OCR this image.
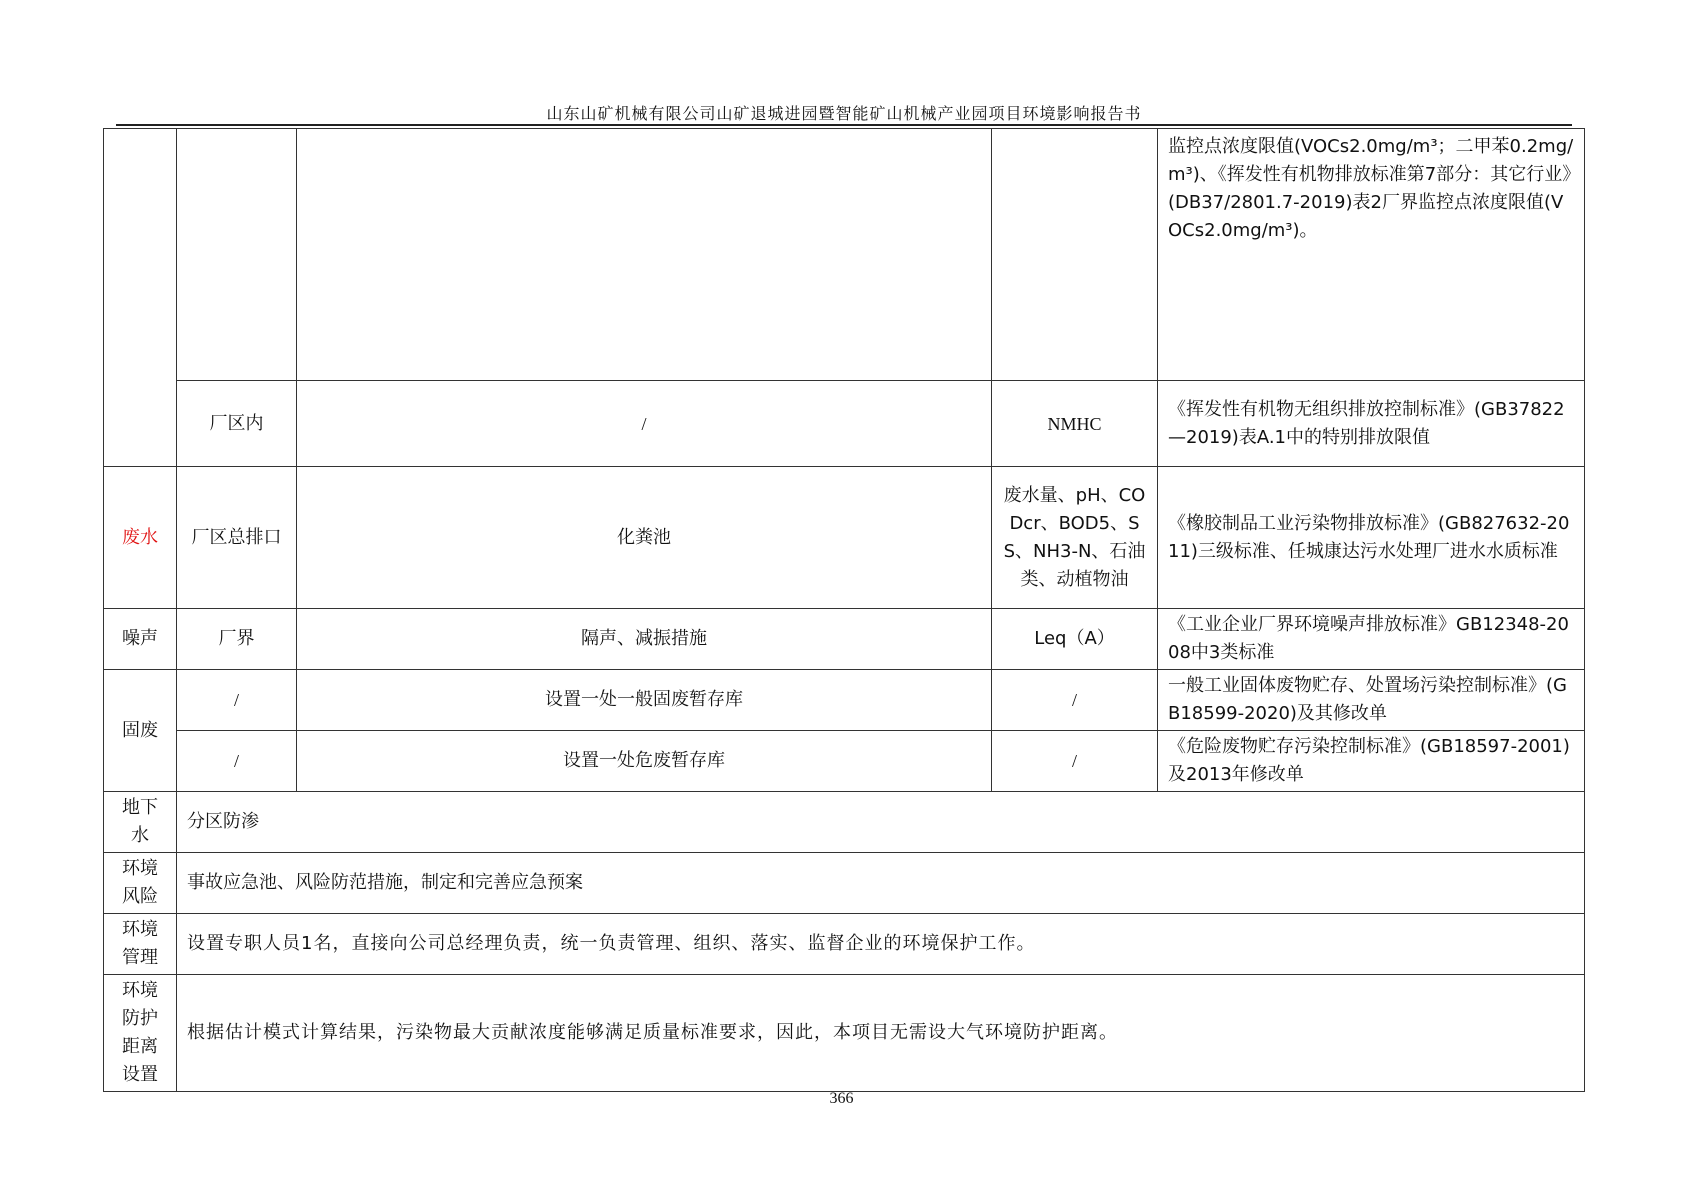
山东山矿机械有限公司山矿退城进园暨智能矿山机械产业园项目环境影响报告书
				监控点浓度限值(VOCs2.0mg/m³；二甲苯0.2mg/m³)、《挥发性有机物排放标准第7部分：其它行业》(DB37/2801.7-2019)表2厂界监控点浓度限值(VOCs2.0mg/m³)。
	厂区内	/	NMHC	《挥发性有机物无组织排放控制标准》(GB37822—2019)表A.1中的特别排放限值
废水	厂区总排口	化粪池	废水量、pH、CODcr、BOD5、SS、NH3-N、石油类、动植物油	《橡胶制品工业污染物排放标准》(GB827632-2011)三级标准、任城康达污水处理厂进水水质标准
噪声	厂界	隔声、减振措施	Leq（A）	《工业企业厂界环境噪声排放标准》GB12348-2008中3类标准
固废	/	设置一处一般固废暂存库	/	一般工业固体废物贮存、处置场污染控制标准》(GB18599-2020)及其修改单
	/	设置一处危废暂存库	/	《危险废物贮存污染控制标准》(GB18597-2001)及2013年修改单
地下水	分区防渗			
环境风险	事故应急池、风险防范措施，制定和完善应急预案			
环境管理	设置专职人员1名，直接向公司总经理负责，统一负责管理、组织、落实、监督企业的环境保护工作。			
环境防护距离设置	根据估计模式计算结果，污染物最大贡献浓度能够满足质量标准要求，因此，本项目无需设大气环境防护距离。			
366
